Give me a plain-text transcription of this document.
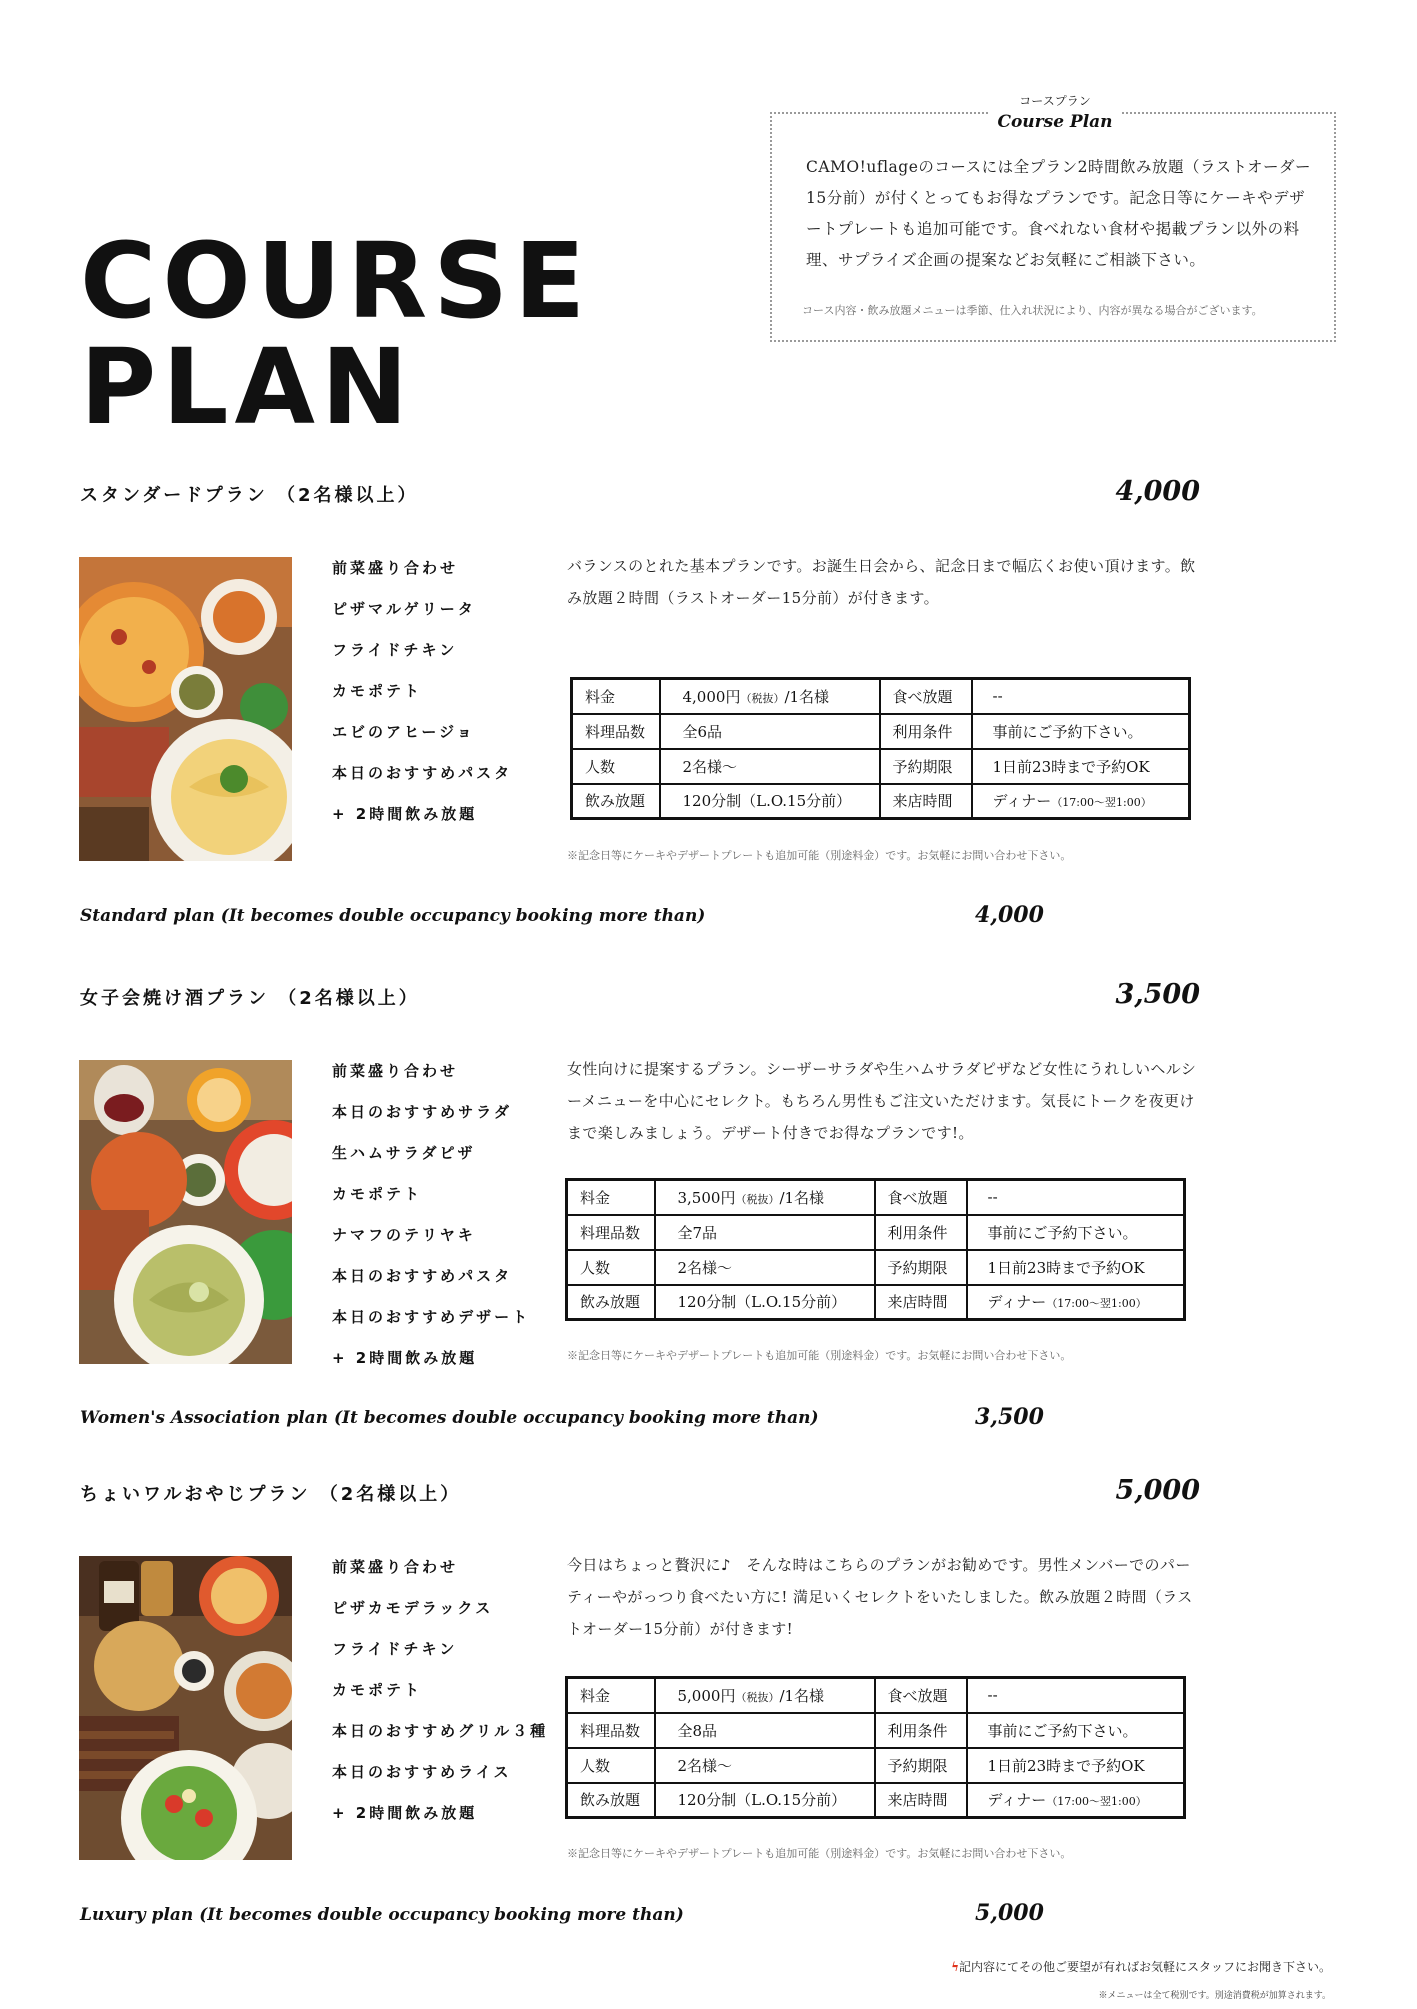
COURSE
PLAN
コースプラン
Course Plan
CAMO!uflageのコースには全プラン2時間飲み放題（ラストオーダー15分前）が付くとってもお得なプランです。記念日等にケーキやデザートプレートも追加可能です。食べれない食材や掲載プラン以外の料理、サプライズ企画の提案などお気軽にご相談下さい。
コース内容・飲み放題メニューは季節、仕入れ状況により、内容が異なる場合がございます。
スタンダードプラン （2名様以上）	4,000
前菜盛り合わせ
ピザマルゲリータ
フライドチキン
カモポテト
エビのアヒージョ
本日のおすすめパスタ
+ 2時間飲み放題
バランスのとれた基本プランです。お誕生日会から、記念日まで幅広くお使い頂けます。飲み放題２時間（ラストオーダー15分前）が付きます。
料金	4,000円（税抜）/1名様	食べ放題	--
料理品数	全6品	利用条件	事前にご予約下さい。
人数	2名様～	予約期限	1日前23時まで予約OK
飲み放題	120分制（L.O.15分前）	来店時間	ディナー（17:00～翌1:00）
※記念日等にケーキやデザートプレートも追加可能（別途料金）です。お気軽にお問い合わせ下さい。
Standard plan (It becomes double occupancy booking more than)	4,000
女子会焼け酒プラン （2名様以上）	3,500
前菜盛り合わせ
本日のおすすめサラダ
生ハムサラダピザ
カモポテト
ナマフのテリヤキ
本日のおすすめパスタ
本日のおすすめデザート
+ 2時間飲み放題
女性向けに提案するプラン。シーザーサラダや生ハムサラダピザなど女性にうれしいヘルシーメニューを中心にセレクト。もちろん男性もご注文いただけます。気長にトークを夜更けまで楽しみましょう。デザート付きでお得なプランです!。
料金	3,500円（税抜）/1名様	食べ放題	--
料理品数	全7品	利用条件	事前にご予約下さい。
人数	2名様～	予約期限	1日前23時まで予約OK
飲み放題	120分制（L.O.15分前）	来店時間	ディナー（17:00～翌1:00）
※記念日等にケーキやデザートプレートも追加可能（別途料金）です。お気軽にお問い合わせ下さい。
Women's Association plan (It becomes double occupancy booking more than)	3,500
ちょいワルおやじプラン （2名様以上）	5,000
前菜盛り合わせ
ピザカモデラックス
フライドチキン
カモポテト
本日のおすすめグリル３種
本日のおすすめライス
+ 2時間飲み放題
今日はちょっと贅沢に♪　そんな時はこちらのプランがお勧めです。男性メンバーでのパーティーやがっつり食べたい方に! 満足いくセレクトをいたしました。飲み放題２時間（ラストオーダー15分前）が付きます!
料金	5,000円（税抜）/1名様	食べ放題	--
料理品数	全8品	利用条件	事前にご予約下さい。
人数	2名様～	予約期限	1日前23時まで予約OK
飲み放題	120分制（L.O.15分前）	来店時間	ディナー（17:00～翌1:00）
※記念日等にケーキやデザートプレートも追加可能（別途料金）です。お気軽にお問い合わせ下さい。
Luxury plan (It becomes double occupancy booking more than)	5,000
ϟ記内容にてその他ご要望が有ればお気軽にスタッフにお聞き下さい。
※メニューは全て税別です。別途消費税が加算されます。
